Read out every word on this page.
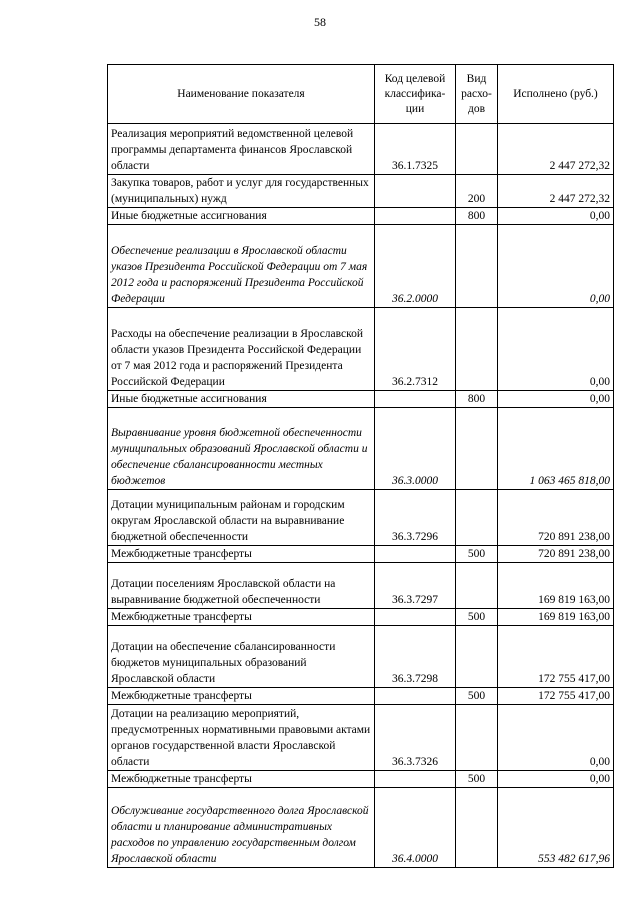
58
Наименование показателя	Код целевой классифика-ции	Вид расхо-дов	Исполнено (руб.)
Реализация мероприятий ведомственной целевой программы департамента финансов Ярославской области	36.1.7325		2 447 272,32
Закупка товаров, работ и услуг для государственных (муниципальных) нужд		200	2 447 272,32
Иные бюджетные ассигнования		800	0,00
Обеспечение реализации в Ярославской области указов Президента Российской Федерации от 7 мая 2012 года и распоряжений Президента Российской Федерации	36.2.0000		0,00
Расходы на обеспечение реализации в Ярославской области указов Президента Российской Федерации от 7 мая 2012 года и распоряжений Президента Российской Федерации	36.2.7312		0,00
Иные бюджетные ассигнования		800	0,00
Выравнивание уровня бюджетной обеспеченности муниципальных образований Ярославской области и обеспечение сбалансированности местных бюджетов	36.3.0000		1 063 465 818,00
Дотации муниципальным районам и городским округам Ярославской области на выравнивание бюджетной обеспеченности	36.3.7296		720 891 238,00
Межбюджетные трансферты		500	720 891 238,00
Дотации поселениям Ярославской области на выравнивание бюджетной обеспеченности	36.3.7297		169 819 163,00
Межбюджетные трансферты		500	169 819 163,00
Дотации на обеспечение сбалансированности бюджетов муниципальных образований Ярославской области	36.3.7298		172 755 417,00
Межбюджетные трансферты		500	172 755 417,00
Дотации на реализацию мероприятий, предусмотренных нормативными правовыми актами органов государственной власти Ярославской области	36.3.7326		0,00
Межбюджетные трансферты		500	0,00
Обслуживание государственного долга Ярославской области и планирование административных расходов по управлению государственным долгом Ярославской области	36.4.0000		553 482 617,96
